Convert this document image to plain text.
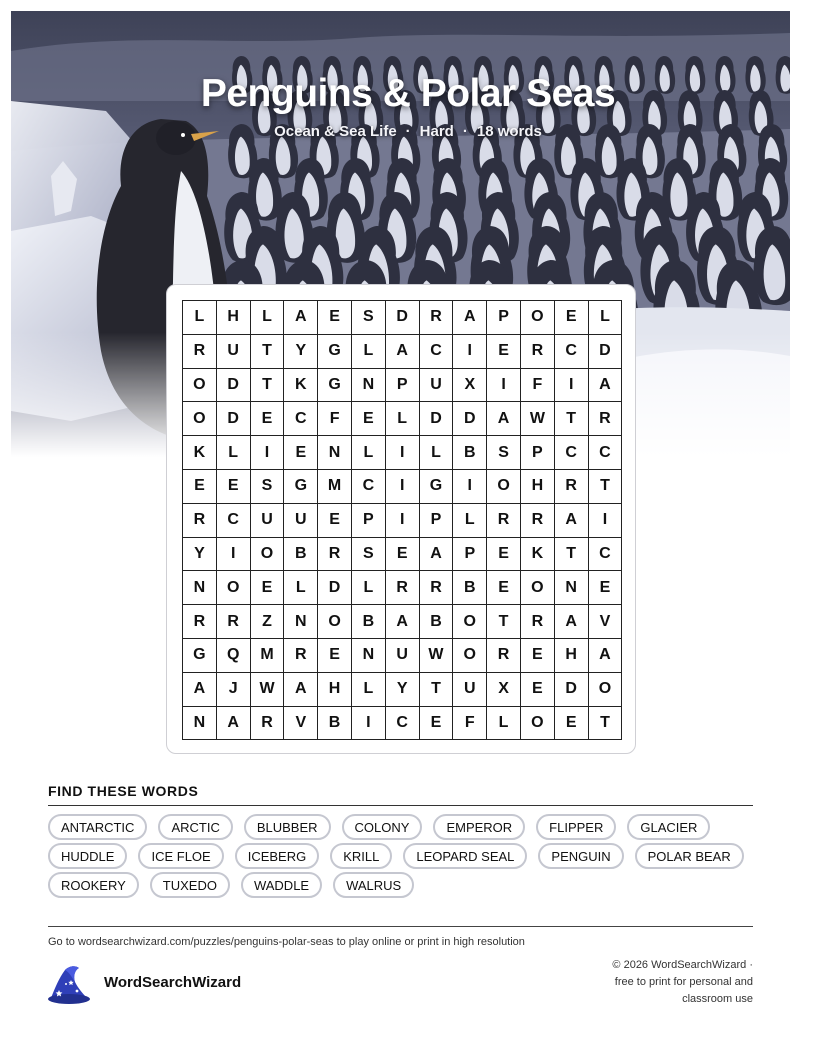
Penguins & Polar Seas
Ocean & Sea Life · Hard · 18 words
L	H	L	A	E	S	D	R	A	P	O	E	L
R	U	T	Y	G	L	A	C	I	E	R	C	D
O	D	T	K	G	N	P	U	X	I	F	I	A
O	D	E	C	F	E	L	D	D	A	W	T	R
K	L	I	E	N	L	I	L	B	S	P	C	C
E	E	S	G	M	C	I	G	I	O	H	R	T
R	C	U	U	E	P	I	P	L	R	R	A	I
Y	I	O	B	R	S	E	A	P	E	K	T	C
N	O	E	L	D	L	R	R	B	E	O	N	E
R	R	Z	N	O	B	A	B	O	T	R	A	V
G	Q	M	R	E	N	U	W	O	R	E	H	A
A	J	W	A	H	L	Y	T	U	X	E	D	O
N	A	R	V	B	I	C	E	F	L	O	E	T
FIND THESE WORDS
ANTARCTIC	ARCTIC	BLUBBER	COLONY	EMPEROR	FLIPPER	GLACIER
HUDDLE	ICE FLOE	ICEBERG	KRILL	LEOPARD SEAL	PENGUIN	POLAR BEAR
ROOKERY	TUXEDO	WADDLE	WALRUS
Go to wordsearchwizard.com/puzzles/penguins-polar-seas to play online or print in high resolution
WordSearchWizard
© 2026 WordSearchWizard ·
free to print for personal and
classroom use
